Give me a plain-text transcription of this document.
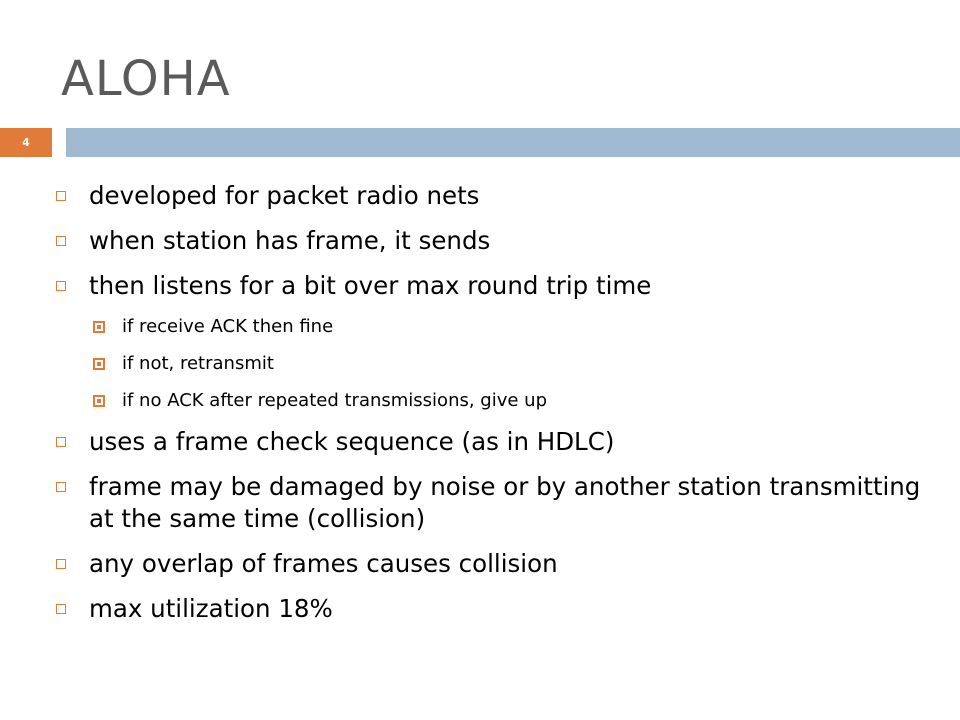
ALOHA
4
developed for packet radio nets
when station has frame, it sends
then listens for a bit over max round trip time
if receive ACK then fine
if not, retransmit
if no ACK after repeated transmissions, give up
uses a frame check sequence (as in HDLC)
frame may be damaged by noise or by another station transmitting at the same time (collision)
any overlap of frames causes collision
max utilization 18%
